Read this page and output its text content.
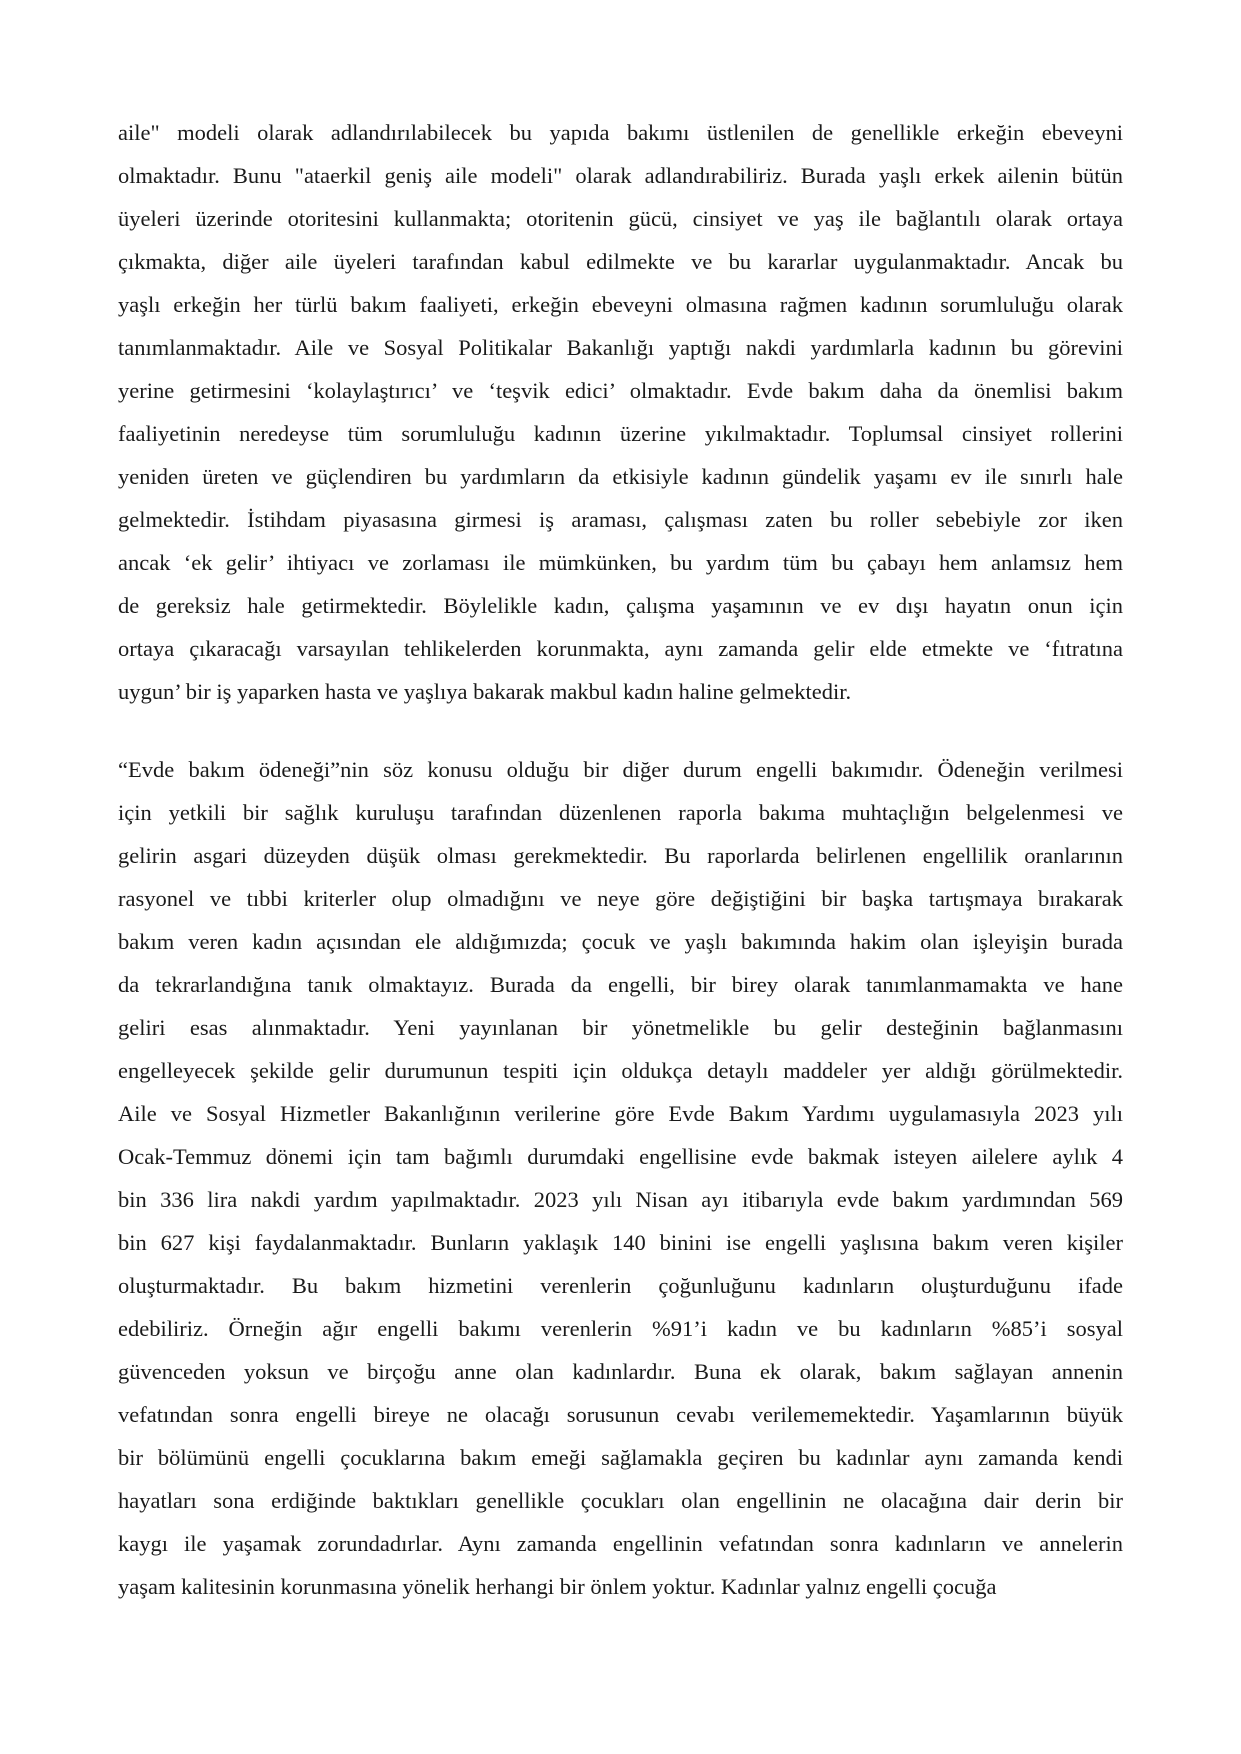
aile" modeli olarak adlandırılabilecek bu yapıda bakımı üstlenilen de genellikle erkeğin ebeveyni
olmaktadır. Bunu "ataerkil geniş aile modeli" olarak adlandırabiliriz. Burada yaşlı erkek ailenin bütün
üyeleri üzerinde otoritesini kullanmakta; otoritenin gücü, cinsiyet ve yaş ile bağlantılı olarak ortaya
çıkmakta, diğer aile üyeleri tarafından kabul edilmekte ve bu kararlar uygulanmaktadır. Ancak bu
yaşlı erkeğin her türlü bakım faaliyeti, erkeğin ebeveyni olmasına rağmen kadının sorumluluğu olarak
tanımlanmaktadır. Aile ve Sosyal Politikalar Bakanlığı yaptığı nakdi yardımlarla kadının bu görevini
yerine getirmesini ‘kolaylaştırıcı’ ve ‘teşvik edici’ olmaktadır. Evde bakım daha da önemlisi bakım
faaliyetinin neredeyse tüm sorumluluğu kadının üzerine yıkılmaktadır. Toplumsal cinsiyet rollerini
yeniden üreten ve güçlendiren bu yardımların da etkisiyle kadının gündelik yaşamı ev ile sınırlı hale
gelmektedir. İstihdam piyasasına girmesi iş araması, çalışması zaten bu roller sebebiyle zor iken
ancak ‘ek gelir’ ihtiyacı ve zorlaması ile mümkünken, bu yardım tüm bu çabayı hem anlamsız hem
de gereksiz hale getirmektedir. Böylelikle kadın, çalışma yaşamının ve ev dışı hayatın onun için
ortaya çıkaracağı varsayılan tehlikelerden korunmakta, aynı zamanda gelir elde etmekte ve ‘fıtratına
uygun’ bir iş yaparken hasta ve yaşlıya bakarak makbul kadın haline gelmektedir.
“Evde bakım ödeneği”nin söz konusu olduğu bir diğer durum engelli bakımıdır. Ödeneğin verilmesi
için yetkili bir sağlık kuruluşu tarafından düzenlenen raporla bakıma muhtaçlığın belgelenmesi ve
gelirin asgari düzeyden düşük olması gerekmektedir. Bu raporlarda belirlenen engellilik oranlarının
rasyonel ve tıbbi kriterler olup olmadığını ve neye göre değiştiğini bir başka tartışmaya bırakarak
bakım veren kadın açısından ele aldığımızda; çocuk ve yaşlı bakımında hakim olan işleyişin burada
da tekrarlandığına tanık olmaktayız. Burada da engelli, bir birey olarak tanımlanmamakta ve hane
geliri esas alınmaktadır. Yeni yayınlanan bir yönetmelikle bu gelir desteğinin bağlanmasını
engelleyecek şekilde gelir durumunun tespiti için oldukça detaylı maddeler yer aldığı görülmektedir.
Aile ve Sosyal Hizmetler Bakanlığının verilerine göre Evde Bakım Yardımı uygulamasıyla 2023 yılı
Ocak-Temmuz dönemi için tam bağımlı durumdaki engellisine evde bakmak isteyen ailelere aylık 4
bin 336 lira nakdi yardım yapılmaktadır. 2023 yılı Nisan ayı itibarıyla evde bakım yardımından 569
bin 627 kişi faydalanmaktadır. Bunların yaklaşık 140 binini ise engelli yaşlısına bakım veren kişiler
oluşturmaktadır. Bu bakım hizmetini verenlerin çoğunluğunu kadınların oluşturduğunu ifade
edebiliriz. Örneğin ağır engelli bakımı verenlerin %91’i kadın ve bu kadınların %85’i sosyal
güvenceden yoksun ve birçoğu anne olan kadınlardır. Buna ek olarak, bakım sağlayan annenin
vefatından sonra engelli bireye ne olacağı sorusunun cevabı verilememektedir. Yaşamlarının büyük
bir bölümünü engelli çocuklarına bakım emeği sağlamakla geçiren bu kadınlar aynı zamanda kendi
hayatları sona erdiğinde baktıkları genellikle çocukları olan engellinin ne olacağına dair derin bir
kaygı ile yaşamak zorundadırlar. Aynı zamanda engellinin vefatından sonra kadınların ve annelerin
yaşam kalitesinin korunmasına yönelik herhangi bir önlem yoktur. Kadınlar yalnız engelli çocuğa
